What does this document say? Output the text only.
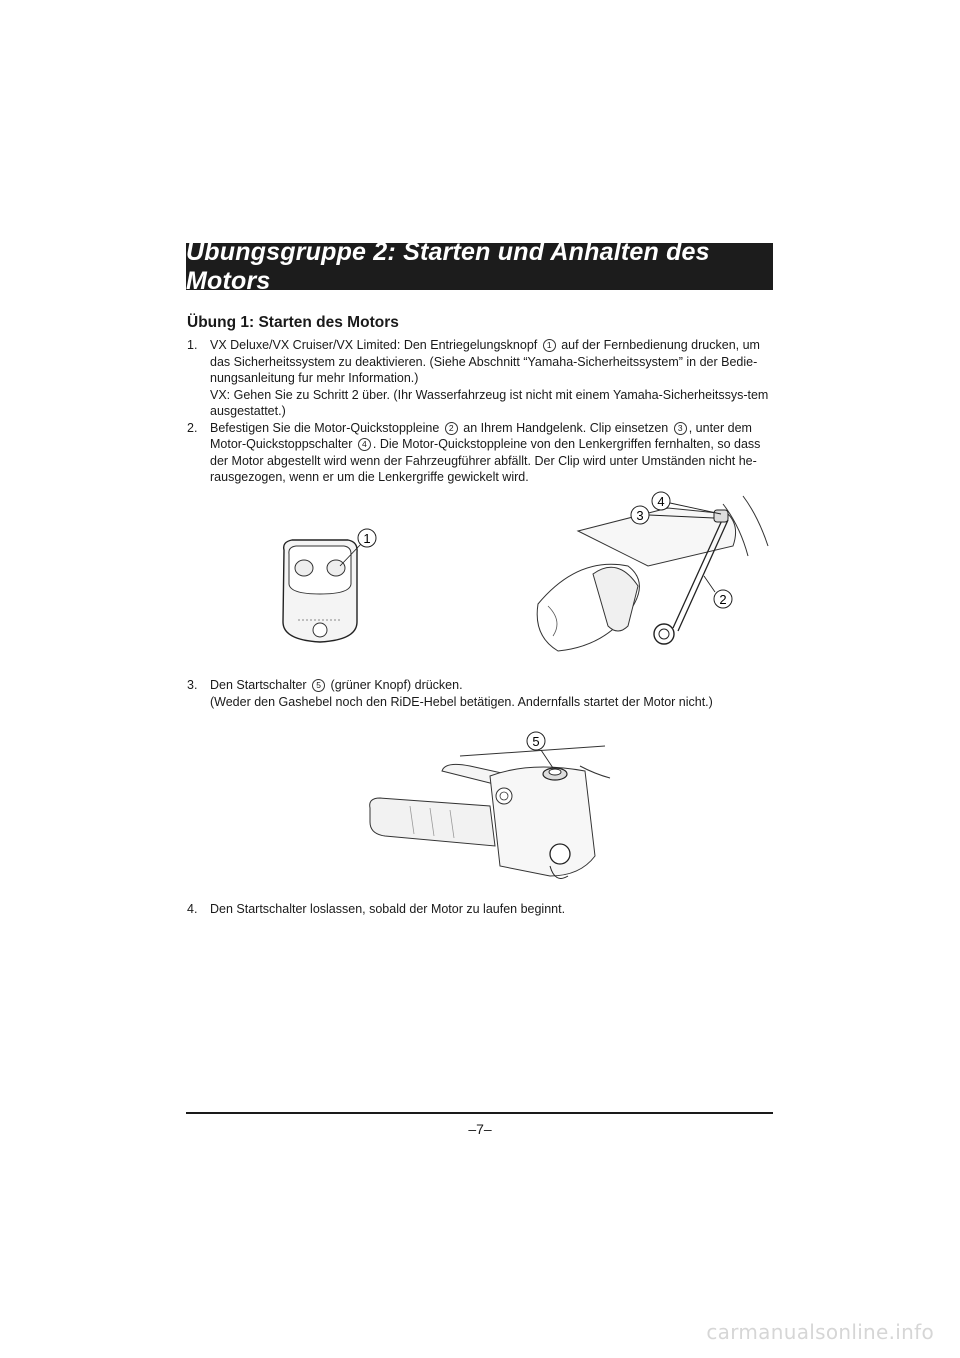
Übungsgruppe 2: Starten und Anhalten des Motors
Übung 1: Starten des Motors
1. VX Deluxe/VX Cruiser/VX Limited: Den Entriegelungsknopf 1 auf der Fernbedienung drucken, um das Sicherheitssystem zu deaktivieren. (Siehe Abschnitt “Yamaha-Sicherheitssystem” in der Bedie-nungsanleitung fur mehr Information.)

VX: Gehen Sie zu Schritt 2 über. (Ihr Wasserfahrzeug ist nicht mit einem Yamaha-Sicherheitssys-tem ausgestattet.)

2. Befestigen Sie die Motor-Quickstoppleine 2 an Ihrem Handgelenk. Clip einsetzen 3 , unter dem Motor-Quickstoppschalter 4 . Die Motor-Quickstoppleine von den Lenkergriffen fernhalten, so dass der Motor abgestellt wird wenn der Fahrzeugführer abfällt. Der Clip wird unter Umständen nicht he-rausgezogen, wenn er um die Lenkergriffe gewickelt wird.

1
4
3
2
3. Den Startschalter 5 (grüner Knopf) drücken.

(Weder den Gashebel noch den RiDE-Hebel betätigen. Andernfalls startet der Motor nicht.)

5
4. Den Startschalter loslassen, sobald der Motor zu laufen beginnt.

–7–
carmanualsonline.info
